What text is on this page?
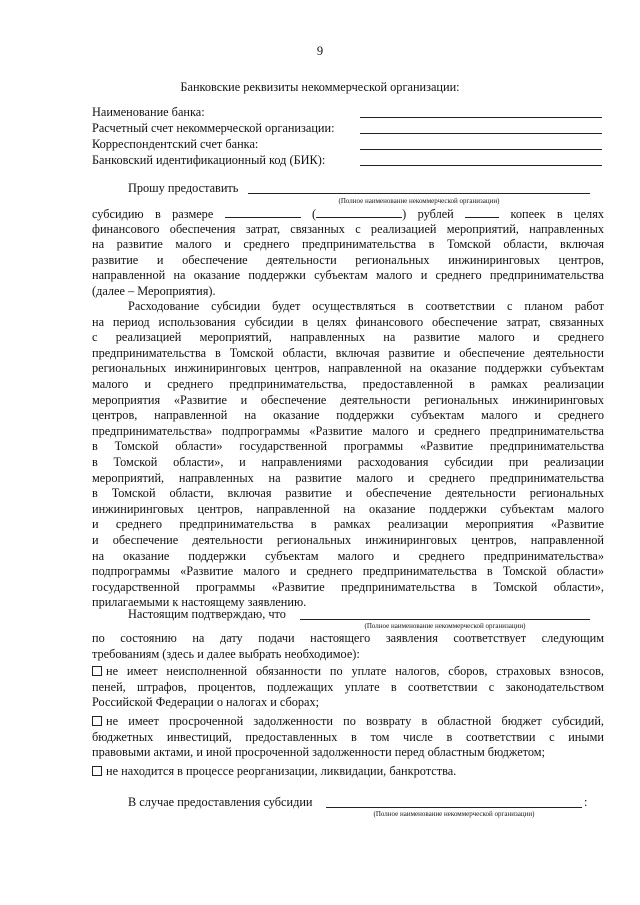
9
Банковские реквизиты некоммерческой организации:
Наименование банка:
Расчетный счет некоммерческой организации:
Корреспондентский счет банка:
Банковский идентификационный код (БИК):
Прошу предоставить
(Полное наименование некоммерческой организации)
субсидию в размере	(	) рублей	копеек в целях
финансового обеспечения затрат, связанных с реализацией мероприятий, направленных
на развитие малого и среднего предпринимательства в Томской области, включая
развитие и обеспечение деятельности региональных инжиниринговых центров,
направленной на оказание поддержки субъектам малого и среднего предпринимательства
(далее – Мероприятия).
Расходование субсидии будет осуществляться в соответствии с планом работ
на период использования субсидии в целях финансового обеспечение затрат, связанных
с реализацией мероприятий, направленных на развитие малого и среднего
предпринимательства в Томской области, включая развитие и обеспечение деятельности
региональных инжиниринговых центров, направленной на оказание поддержки субъектам
малого и среднего предпринимательства, предоставленной в рамках реализации
мероприятия «Развитие и обеспечение деятельности региональных инжиниринговых
центров, направленной на оказание поддержки субъектам малого и среднего
предпринимательства» подпрограммы «Развитие малого и среднего предпринимательства
в Томской области» государственной программы «Развитие предпринимательства
в Томской области», и направлениями расходования субсидии при реализации
мероприятий, направленных на развитие малого и среднего предпринимательства
в Томской области, включая развитие и обеспечение деятельности региональных
инжиниринговых центров, направленной на оказание поддержки субъектам малого
и среднего предпринимательства в рамках реализации мероприятия «Развитие
и обеспечение деятельности региональных инжиниринговых центров, направленной
на оказание поддержки субъектам малого и среднего предпринимательства»
подпрограммы «Развитие малого и среднего предпринимательства в Томской области»
государственной программы «Развитие предпринимательства в Томской области»,
прилагаемыми к настоящему заявлению.
Настоящим подтверждаю, что
(Полное наименование некоммерческой организации)
по состоянию на дату подачи настоящего заявления соответствует следующим
требованиям (здесь и далее выбрать необходимое):
не имеет неисполненной обязанности по уплате налогов, сборов, страховых взносов,
пеней, штрафов, процентов, подлежащих уплате в соответствии с законодательством
Российской Федерации о налогах и сборах;
не имеет просроченной задолженности по возврату в областной бюджет субсидий,
бюджетных инвестиций, предоставленных в том числе в соответствии с иными
правовыми актами, и иной просроченной задолженности перед областным бюджетом;
не находится в процессе реорганизации, ликвидации, банкротства.
В случае предоставления субсидии	:
(Полное наименование некоммерческой организации)
